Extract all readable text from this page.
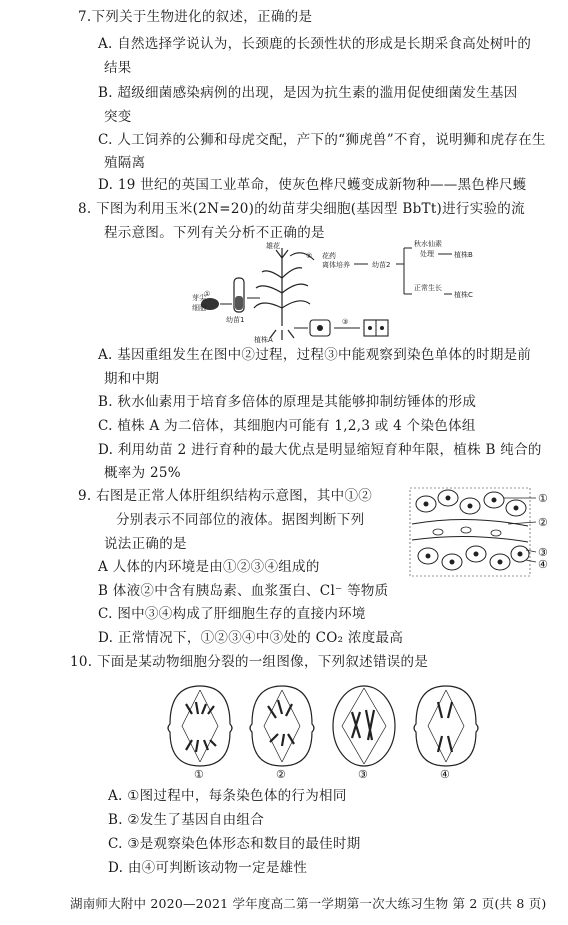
7.下列关于生物进化的叙述，正确的是
A. 自然选择学说认为，长颈鹿的长颈性状的形成是长期采食高处树叶的
结果
B. 超级细菌感染病例的出现，是因为抗生素的滥用促使细菌发生基因
突变
C. 人工饲养的公狮和母虎交配，产下的“狮虎兽”不育，说明狮和虎存在生
殖隔离
D. 19 世纪的英国工业革命，使灰色桦尺蠖变成新物种——黑色桦尺蠖
8. 下图为利用玉米(2N=20)的幼苗芽尖细胞(基因型 BbTt)进行实验的流
程示意图。下列有关分析不正确的是
芽尖
细胞
①
幼苗1
雄花
植株A
② 花药
离体培养	幼苗2
秋水仙素
处理	植株B
正常生长
植株C
③
A. 基因重组发生在图中②过程，过程③中能观察到染色单体的时期是前
期和中期
B. 秋水仙素用于培育多倍体的原理是其能够抑制纺锤体的形成
C. 植株 A 为二倍体，其细胞内可能有 1,2,3 或 4 个染色体组
D. 利用幼苗 2 进行育种的最大优点是明显缩短育种年限，植株 B 纯合的
概率为 25%
9. 右图是正常人体肝组织结构示意图，其中①②
分别表示不同部位的液体。据图判断下列
说法正确的是
①
②
③
④
A 人体的内环境是由①②③④组成的
B 体液②中含有胰岛素、血浆蛋白、Cl⁻ 等物质
C. 图中③④构成了肝细胞生存的直接内环境
D. 正常情况下，①②③④中③处的 CO₂ 浓度最高
10. 下面是某动物细胞分裂的一组图像，下列叙述错误的是
①	②	③	④
A. ①图过程中，每条染色体的行为相同
B. ②发生了基因自由组合
C. ③是观察染色体形态和数目的最佳时期
D. 由④可判断该动物一定是雄性
湖南师大附中 2020—2021 学年度高二第一学期第一次大练习生物 第 2 页(共 8 页)
